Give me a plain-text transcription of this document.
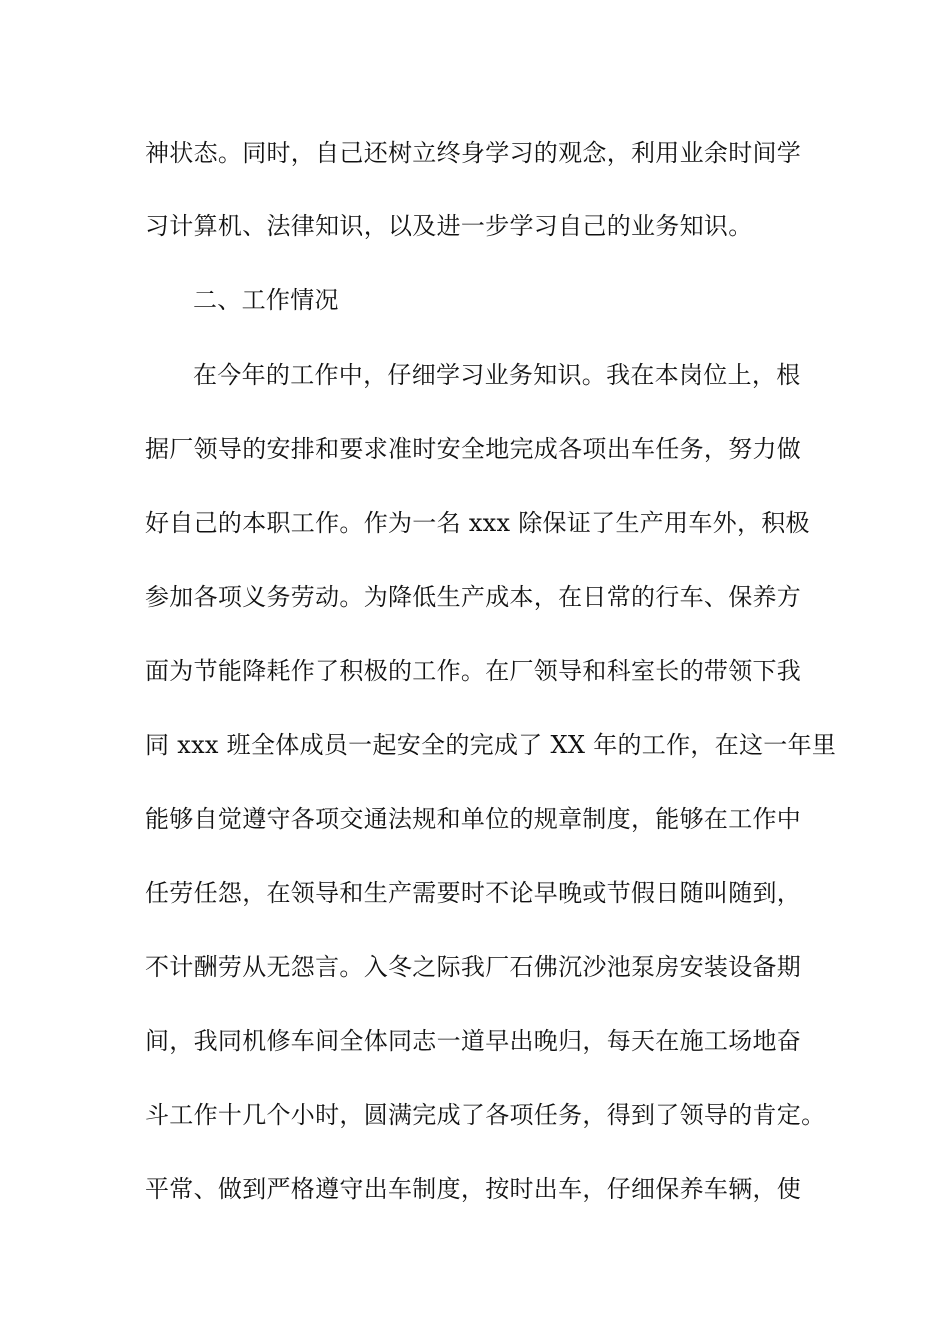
神状态。同时，自己还树立终身学习的观念，利用业余时间学
习计算机、法律知识，以及进一步学习自己的业务知识。
二、工作情况
在今年的工作中，仔细学习业务知识。我在本岗位上，根
据厂领导的安排和要求准时安全地完成各项出车任务，努力做
好自己的本职工作。作为一名 xxx 除保证了生产用车外，积极
参加各项义务劳动。为降低生产成本，在日常的行车、保养方
面为节能降耗作了积极的工作。在厂领导和科室长的带领下我
同 xxx 班全体成员一起安全的完成了 XX 年的工作，在这一年里
能够自觉遵守各项交通法规和单位的规章制度，能够在工作中
任劳任怨，在领导和生产需要时不论早晚或节假日随叫随到，
不计酬劳从无怨言。入冬之际我厂石佛沉沙池泵房安装设备期
间，我同机修车间全体同志一道早出晚归，每天在施工场地奋
斗工作十几个小时，圆满完成了各项任务，得到了领导的肯定。
平常、做到严格遵守出车制度，按时出车，仔细保养车辆，使
